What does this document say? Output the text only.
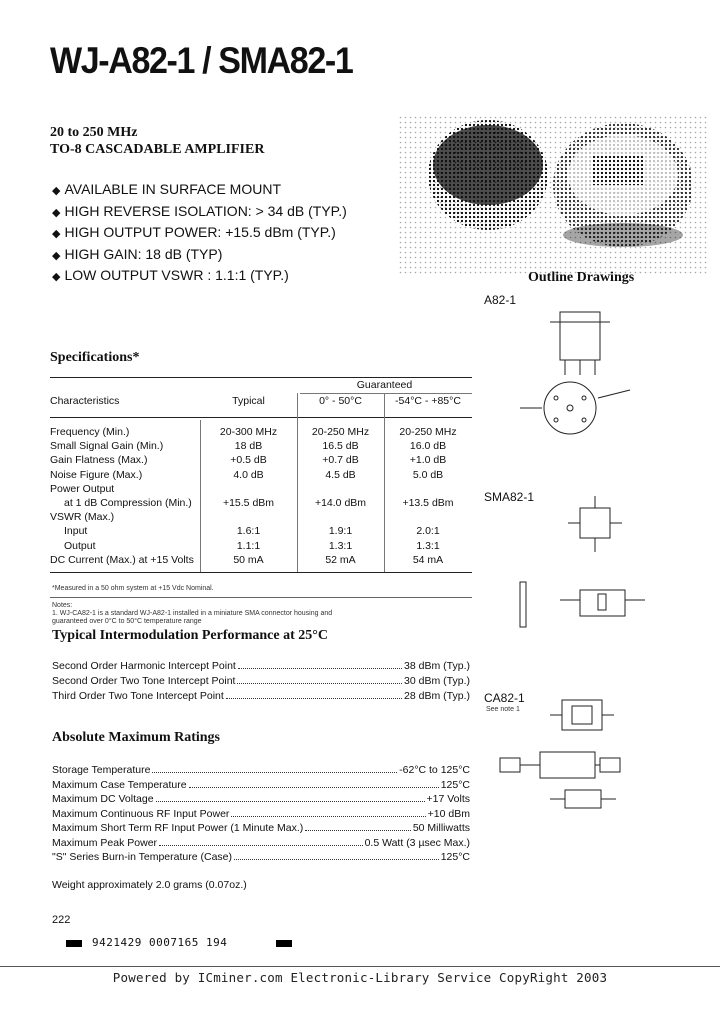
WJ-A82-1 / SMA82-1
20 to 250 MHz
TO-8 CASCADABLE AMPLIFIER
◆ AVAILABLE IN SURFACE MOUNT
◆ HIGH REVERSE ISOLATION: > 34 dB (TYP.)
◆ HIGH OUTPUT POWER: +15.5 dBm (TYP.)
◆ HIGH GAIN: 18 dB (TYP)
◆ LOW OUTPUT VSWR : 1.1:1 (TYP.)	Outline Drawings
A82-1
SMA82-1
CA82-1
See note 1
Specifications*
		Guaranteed	
Characteristics	Typical	0° - 50°C	-54°C - +85°C

Frequency (Min.)	20-300 MHz	20-250 MHz	20-250 MHz
Small Signal Gain (Min.)	18 dB	16.5 dB	16.0 dB
Gain Flatness (Max.)	+0.5 dB	+0.7 dB	+1.0 dB
Noise Figure (Max.)	4.0 dB	4.5 dB	5.0 dB
Power Output			
at 1 dB Compression (Min.)	+15.5 dBm	+14.0 dBm	+13.5 dBm
VSWR (Max.)			
Input	1.6:1	1.9:1	2.0:1
Output	1.1:1	1.3:1	1.3:1
DC Current (Max.) at +15 Volts	50 mA	52 mA	54 mA
*Measured in a 50 ohm system at +15 Vdc Nominal.
Notes:
1. WJ-CA82-1 is a standard WJ-A82-1 installed in a miniature SMA connector housing and
guaranteed over 0°C to 50°C temperature range
Typical Intermodulation Performance at 25°C
Second Order Harmonic Intercept Point	38 dBm (Typ.)
Second Order Two Tone Intercept Point	30 dBm (Typ.)
Third Order Two Tone Intercept Point	28 dBm (Typ.)
Absolute Maximum Ratings
Storage Temperature	-62°C to 125°C
Maximum Case Temperature	125°C
Maximum DC Voltage	+17 Volts
Maximum Continuous RF Input Power	+10 dBm
Maximum Short Term RF Input Power (1 Minute Max.)	50 Milliwatts
Maximum Peak Power	0.5 Watt (3 µsec Max.)
"S" Series Burn-in Temperature (Case)	125°C
Weight approximately 2.0 grams (0.07oz.)
222
9421429 0007165 194
Powered by ICminer.com Electronic-Library Service CopyRight 2003
